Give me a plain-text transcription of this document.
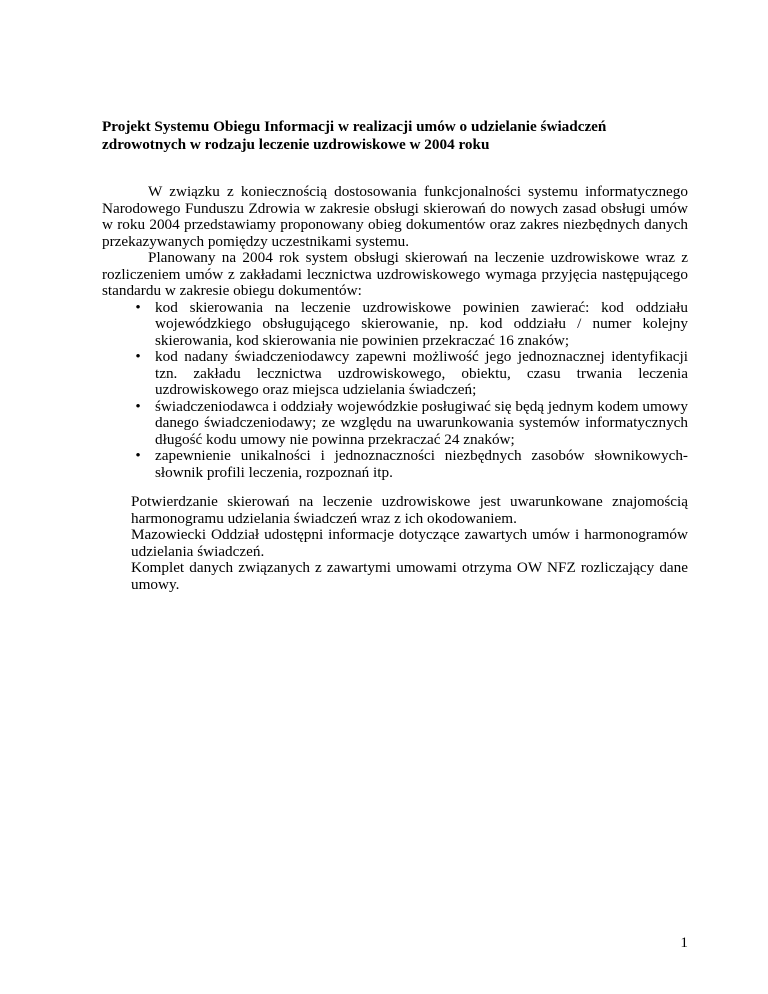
Projekt Systemu Obiegu Informacji w realizacji umów o udzielanie świadczeń zdrowotnych w rodzaju leczenie uzdrowiskowe w 2004 roku

W związku z koniecznością dostosowania funkcjonalności systemu informatycznego Narodowego Funduszu Zdrowia w zakresie obsługi skierowań do nowych zasad obsługi umów w roku 2004 przedstawiamy proponowany obieg dokumentów oraz zakres niezbędnych danych przekazywanych pomiędzy uczestnikami systemu.

Planowany na 2004 rok system obsługi skierowań na leczenie uzdrowiskowe wraz z rozliczeniem umów z zakładami lecznictwa uzdrowiskowego wymaga przyjęcia następującego standardu w zakresie obiegu dokumentów:

• kod skierowania na leczenie uzdrowiskowe powinien zawierać: kod oddziału wojewódzkiego obsługującego skierowanie, np. kod oddziału / numer kolejny skierowania, kod skierowania nie powinien przekraczać 16 znaków;
• kod nadany świadczeniodawcy zapewni możliwość jego jednoznacznej identyfikacji tzn. zakładu lecznictwa uzdrowiskowego, obiektu, czasu trwania leczenia uzdrowiskowego oraz miejsca udzielania świadczeń;
• świadczeniodawca i oddziały wojewódzkie posługiwać się będą jednym kodem umowy danego świadczeniodawy; ze względu na uwarunkowania systemów informatycznych długość kodu umowy nie powinna przekraczać 24 znaków;
• zapewnienie unikalności i jednoznaczności niezbędnych zasobów słownikowych-słownik profili leczenia, rozpoznań itp.

Potwierdzanie skierowań na leczenie uzdrowiskowe jest uwarunkowane znajomością harmonogramu udzielania świadczeń wraz z ich okodowaniem.

Mazowiecki Oddział udostępni informacje dotyczące zawartych umów i harmonogramów udzielania świadczeń.

Komplet danych związanych z zawartymi umowami otrzyma OW NFZ rozliczający dane umowy.

1
